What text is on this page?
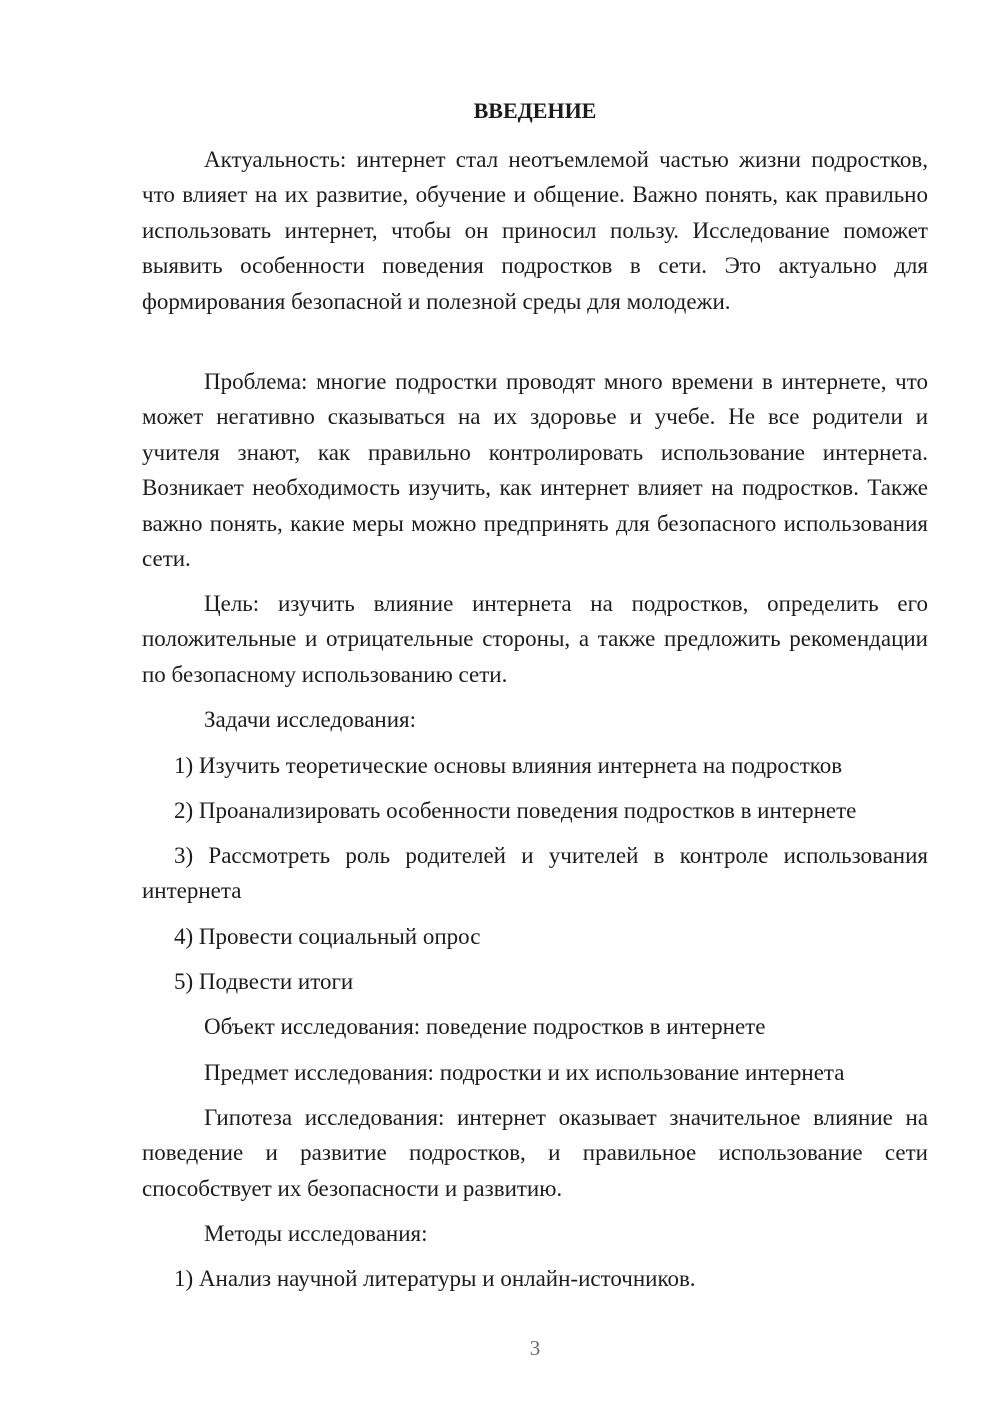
ВВЕДЕНИЕ

Актуальность: интернет стал неотъемлемой частью жизни подростков, что влияет на их развитие, обучение и общение. Важно понять, как правильно использовать интернет, чтобы он приносил пользу. Исследование поможет выявить особенности поведения подростков в сети. Это актуально для формирования безопасной и полезной среды для молодежи.

Проблема: многие подростки проводят много времени в интернете, что может негативно сказываться на их здоровье и учебе. Не все родители и учителя знают, как правильно контролировать использование интернета. Возникает необходимость изучить, как интернет влияет на подростков. Также важно понять, какие меры можно предпринять для безопасного использования сети.

Цель: изучить влияние интернета на подростков, определить его положительные и отрицательные стороны, а также предложить рекомендации по безопасному использованию сети.

Задачи исследования:

1) Изучить теоретические основы влияния интернета на подростков

2) Проанализировать особенности поведения подростков в интернете

3) Рассмотреть роль родителей и учителей в контроле использования интернета

4) Провести социальный опрос

5) Подвести итоги

Объект исследования: поведение подростков в интернете

Предмет исследования: подростки и их использование интернета

Гипотеза исследования: интернет оказывает значительное влияние на поведение и развитие подростков, и правильное использование сети способствует их безопасности и развитию.

Методы исследования:

1) Анализ научной литературы и онлайн-источников.

3
